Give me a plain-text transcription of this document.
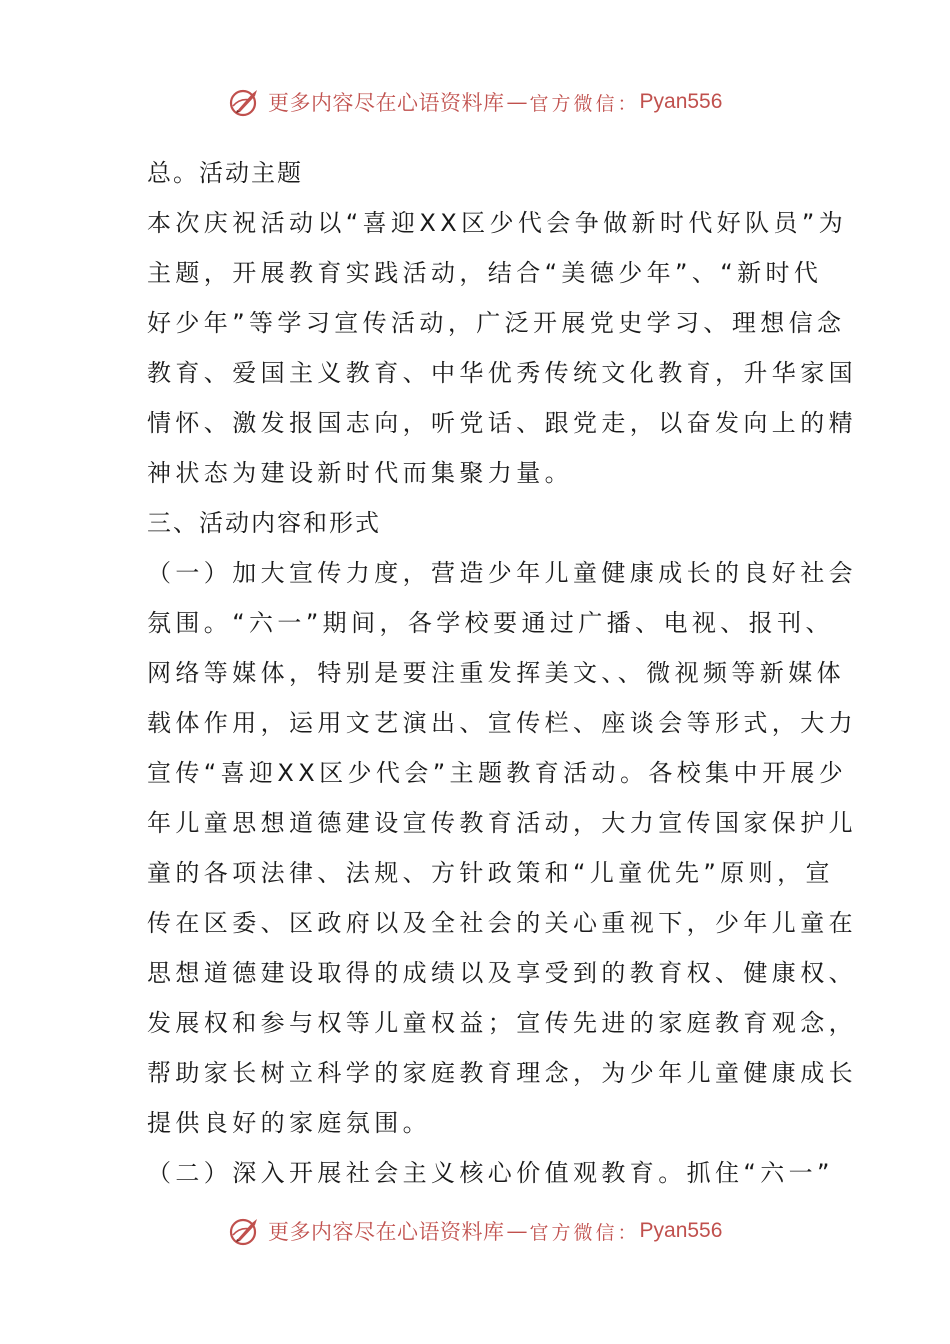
更多内容尽在心语资料库 — 官方微信： Pyan556
总。活动主题
本次庆祝活动以“喜迎XX区少代会争做新时代好队员”为
主题，开展教育实践活动，结合“美德少年”、“新时代
好少年”等学习宣传活动，广泛开展党史学习、理想信念
教育、爱国主义教育、中华优秀传统文化教育，升华家国
情怀、激发报国志向，听党话、跟党走，以奋发向上的精
神状态为建设新时代而集聚力量。
三、活动内容和形式
（一）加大宣传力度，营造少年儿童健康成长的良好社会
氛围。“六一”期间，各学校要通过广播、电视、报刊、
网络等媒体，特别是要注重发挥美文、、微视频等新媒体
载体作用，运用文艺演出、宣传栏、座谈会等形式，大力
宣传“喜迎XX区少代会”主题教育活动。各校集中开展少
年儿童思想道德建设宣传教育活动，大力宣传国家保护儿
童的各项法律、法规、方针政策和“儿童优先”原则，宣
传在区委、区政府以及全社会的关心重视下，少年儿童在
思想道德建设取得的成绩以及享受到的教育权、健康权、
发展权和参与权等儿童权益；宣传先进的家庭教育观念，
帮助家长树立科学的家庭教育理念，为少年儿童健康成长
提供良好的家庭氛围。
（二）深入开展社会主义核心价值观教育。抓住“六一”
更多内容尽在心语资料库 — 官方微信： Pyan556
